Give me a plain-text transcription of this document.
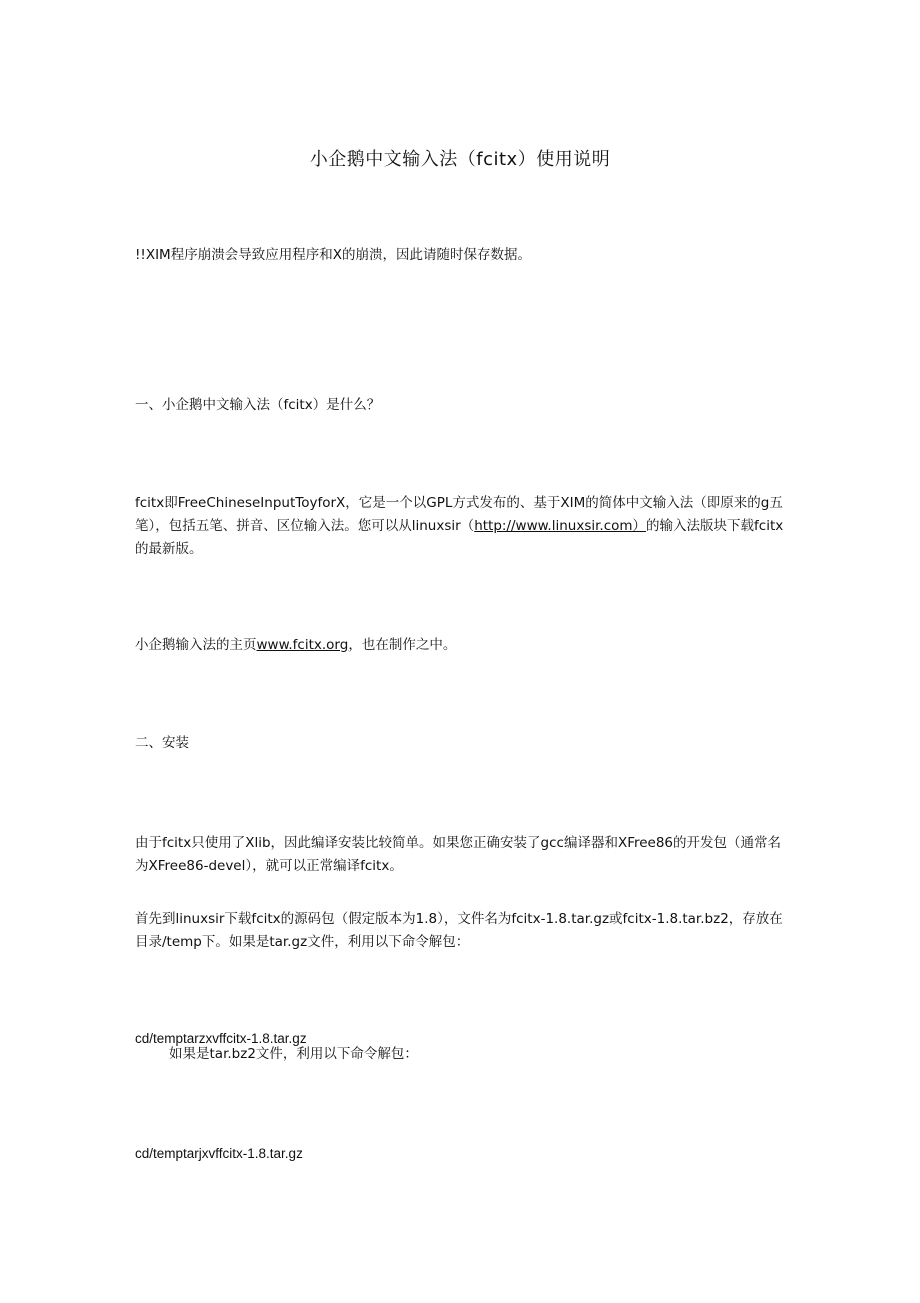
小企鹅中文输入法（fcitx）使用说明

!!XIM程序崩溃会导致应用程序和X的崩溃，因此请随时保存数据。

一、小企鹅中文输入法（fcitx）是什么？

fcitx即FreeChineseInputToyforX，它是一个以GPL方式发布的、基于XIM的简体中文输入法（即原来的g五笔），包括五笔、拼音、区位输入法。您可以从linuxsir（http://www.linuxsir.com）的输入法版块下载fcitx的最新版。

小企鹅输入法的主页www.fcitx.org，也在制作之中。

二、安装

由于fcitx只使用了Xlib，因此编译安装比较简单。如果您正确安装了gcc编译器和XFree86的开发包（通常名为XFree86-devel），就可以正常编译fcitx。

首先到linuxsir下载fcitx的源码包（假定版本为1.8），文件名为fcitx-1.8.tar.gz或fcitx-1.8.tar.bz2，存放在目录/temp下。如果是tar.gz文件，利用以下命令解包：

cd/temptarzxvffcitx-1.8.tar.gz

如果是tar.bz2文件，利用以下命令解包：

cd/temptarjxvffcitx-1.8.tar.gz
